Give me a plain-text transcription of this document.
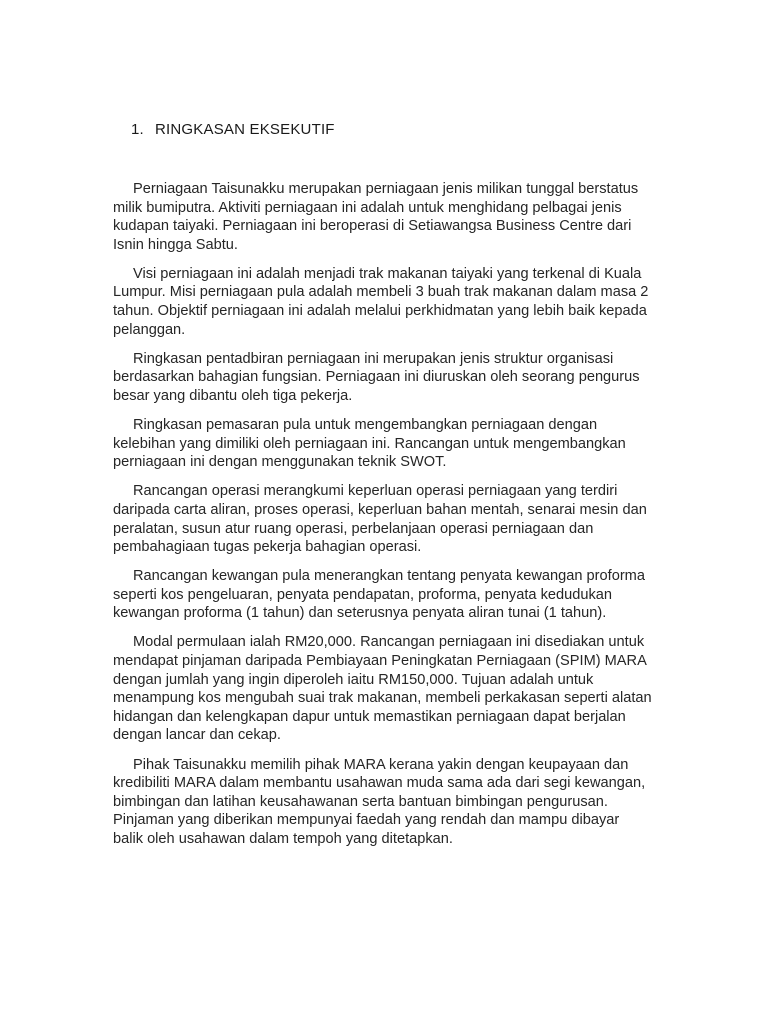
1. RINGKASAN EKSEKUTIF

Perniagaan Taisunakku merupakan perniagaan jenis milikan tunggal berstatus milik bumiputra. Aktiviti perniagaan ini adalah untuk menghidang pelbagai jenis kudapan taiyaki. Perniagaan ini beroperasi di Setiawangsa Business Centre dari Isnin hingga Sabtu.

Visi perniagaan ini adalah menjadi trak makanan taiyaki yang terkenal di Kuala Lumpur. Misi perniagaan pula adalah membeli 3 buah trak makanan dalam masa 2 tahun. Objektif perniagaan ini adalah melalui perkhidmatan yang lebih baik kepada pelanggan.

Ringkasan pentadbiran perniagaan ini merupakan jenis struktur organisasi berdasarkan bahagian fungsian. Perniagaan ini diuruskan oleh seorang pengurus besar yang dibantu oleh tiga pekerja.

Ringkasan pemasaran pula untuk mengembangkan perniagaan dengan kelebihan yang dimiliki oleh perniagaan ini. Rancangan untuk mengembangkan perniagaan ini dengan menggunakan teknik SWOT.

Rancangan operasi merangkumi keperluan operasi perniagaan yang terdiri daripada carta aliran, proses operasi, keperluan bahan mentah, senarai mesin dan peralatan, susun atur ruang operasi, perbelanjaan operasi perniagaan dan pembahagiaan tugas pekerja bahagian operasi.

Rancangan kewangan pula menerangkan tentang penyata kewangan proforma seperti kos pengeluaran, penyata pendapatan, proforma, penyata kedudukan kewangan proforma (1 tahun) dan seterusnya penyata aliran tunai (1 tahun).

Modal permulaan ialah RM20,000. Rancangan perniagaan ini disediakan untuk mendapat pinjaman daripada Pembiayaan Peningkatan Perniagaan (SPIM) MARA dengan jumlah yang ingin diperoleh iaitu RM150,000. Tujuan adalah untuk menampung kos mengubah suai trak makanan, membeli perkakasan seperti alatan hidangan dan kelengkapan dapur untuk memastikan perniagaan dapat berjalan dengan lancar dan cekap.

Pihak Taisunakku memilih pihak MARA kerana yakin dengan keupayaan dan kredibiliti MARA dalam membantu usahawan muda sama ada dari segi kewangan, bimbingan dan latihan keusahawanan serta bantuan bimbingan pengurusan. Pinjaman yang diberikan mempunyai faedah yang rendah dan mampu dibayar balik oleh usahawan dalam tempoh yang ditetapkan.
